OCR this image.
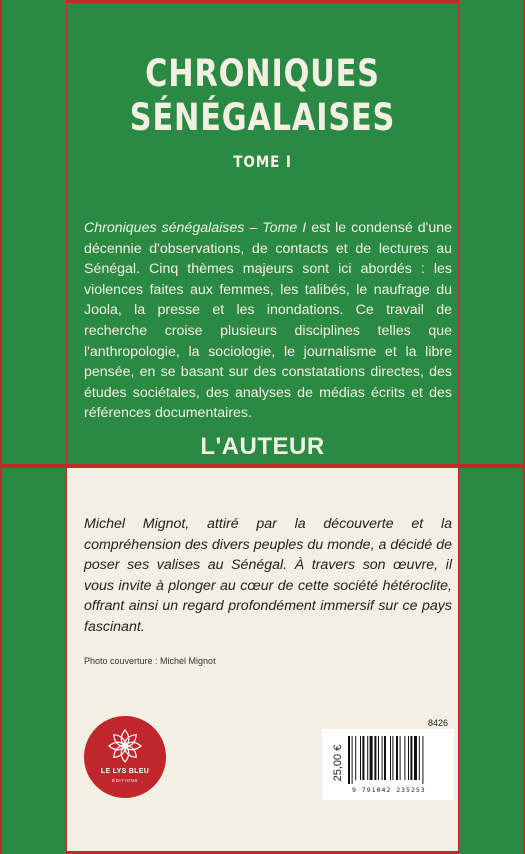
CHRONIQUES
SÉNÉGALAISES
TOME I

Chroniques sénégalaises – Tome I est le condensé d'une décennie d'observations, de contacts et de lectures au Sénégal. Cinq thèmes majeurs sont ici abordés : les violences faites aux femmes, les talibés, le naufrage du Joola, la presse et les inondations. Ce travail de recherche croise plusieurs disciplines telles que l'anthropologie, la sociologie, le journalisme et la libre pensée, en se basant sur des constatations directes, des études sociétales, des analyses de médias écrits et des références documentaires.

L'AUTEUR

Michel Mignot, attiré par la découverte et la compréhension des divers peuples du monde, a décidé de poser ses valises au Sénégal. À travers son œuvre, il vous invite à plonger au cœur de cette société hétéroclite, offrant ainsi un regard profondément immersif sur ce pays fascinant.

Photo couverture : Michel Mignot
LE LYS BLEU
ÉDITIONS
8426
25,00 €
9 791042 235253
